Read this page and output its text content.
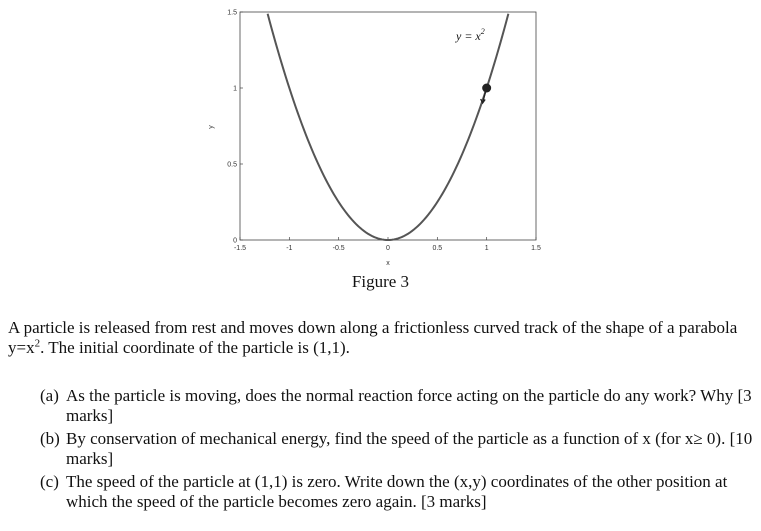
-1.5	-1	-0.5	0	0.5	1	1.5
0
0.5
1
1.5
$y = x^2$
x
y
Figure 3
A particle is released from rest and moves down along a frictionless curved track of the shape of a parabola $y=x^2$. The initial coordinate of the particle is (1,1).
(a) As the particle is moving, does the normal reaction force acting on the particle do any work? Why [3 marks]
(b) By conservation of mechanical energy, find the speed of the particle as a function of x (for x≥ 0). [10 marks]
(c) The speed of the particle at (1,1) is zero. Write down the (x,y) coordinates of the other position at which the speed of the particle becomes zero again. [3 marks]
